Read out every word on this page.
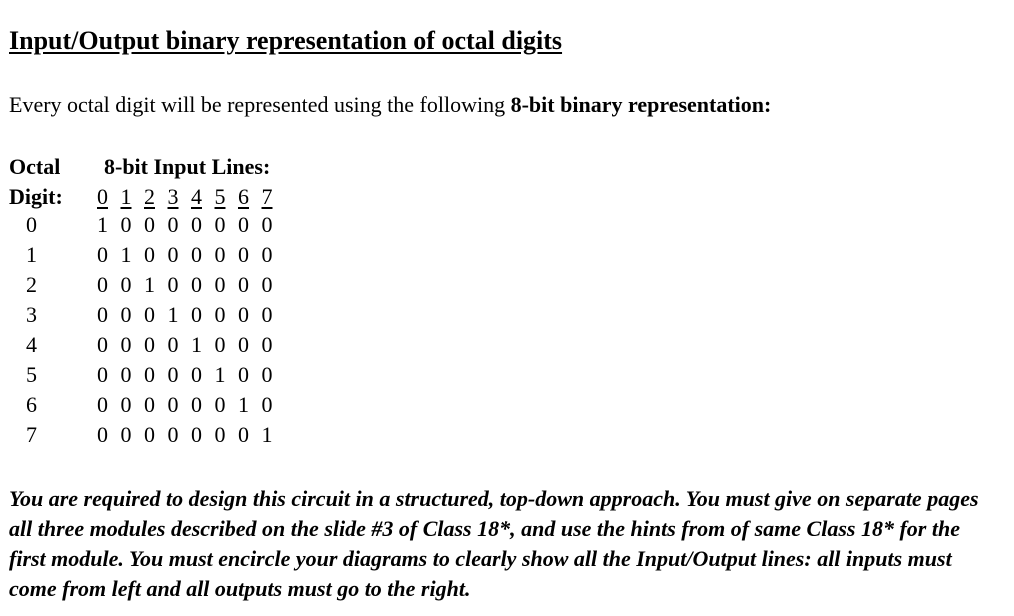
Input/Output binary representation of octal digits

Every octal digit will be represented using the following 8-bit binary representation:

Octal
Digit:
8-bit Input Lines:
0 1 2 3 4 5 6 7
0	1 0 0 0 0 0 0 0
1	0 1 0 0 0 0 0 0
2	0 0 1 0 0 0 0 0
3	0 0 0 1 0 0 0 0
4	0 0 0 0 1 0 0 0
5	0 0 0 0 0 1 0 0
6	0 0 0 0 0 0 1 0
7	0 0 0 0 0 0 0 1

You are required to design this circuit in a structured, top-down approach. You must give on separate pages all three modules described on the slide #3 of Class 18*, and use the hints from of same Class 18* for the first module. You must encircle your diagrams to clearly show all the Input/Output lines: all inputs must come from left and all outputs must go to the right.
